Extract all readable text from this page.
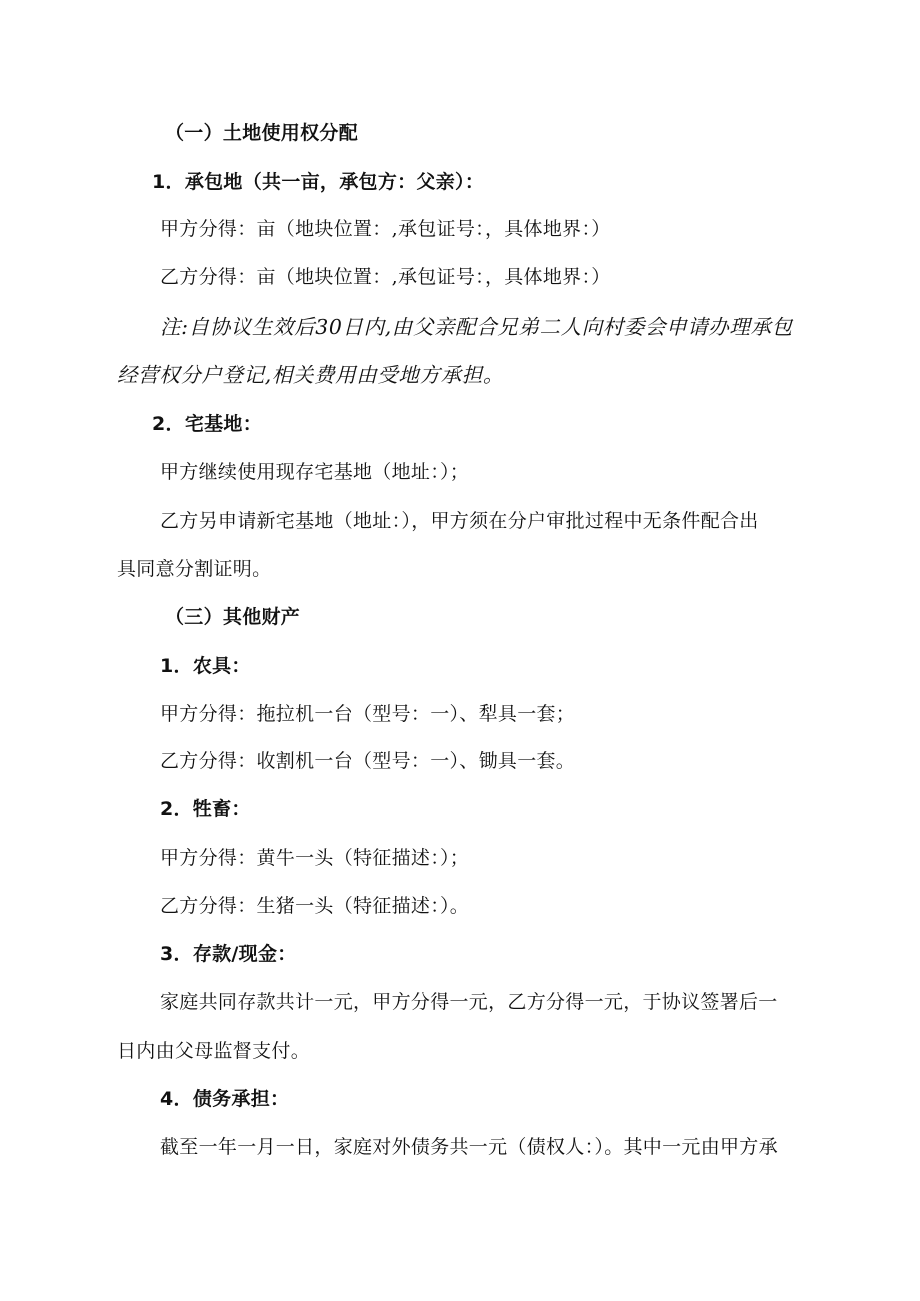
（一）土地使用权分配
1．承包地（共一亩，承包方：父亲）：
甲方分得：亩（地块位置：,承包证号：，具体地界：）
乙方分得：亩（地块位置：,承包证号：，具体地界：）
注:自协议生效后30日内,由父亲配合兄弟二人向村委会申请办理承包
经营权分户登记,相关费用由受地方承担。
2．宅基地：
甲方继续使用现存宅基地（地址：）；
乙方另申请新宅基地（地址：），甲方须在分户审批过程中无条件配合出
具同意分割证明。
（三）其他财产
1．农具：
甲方分得：拖拉机一台（型号：一）、犁具一套；
乙方分得：收割机一台（型号：一）、锄具一套。
2．牲畜：
甲方分得：黄牛一头（特征描述：）；
乙方分得：生猪一头（特征描述：）。
3．存款/现金：
家庭共同存款共计一元，甲方分得一元，乙方分得一元，于协议签署后一
日内由父母监督支付。
4．债务承担：
截至一年一月一日，家庭对外债务共一元（债权人：）。其中一元由甲方承
